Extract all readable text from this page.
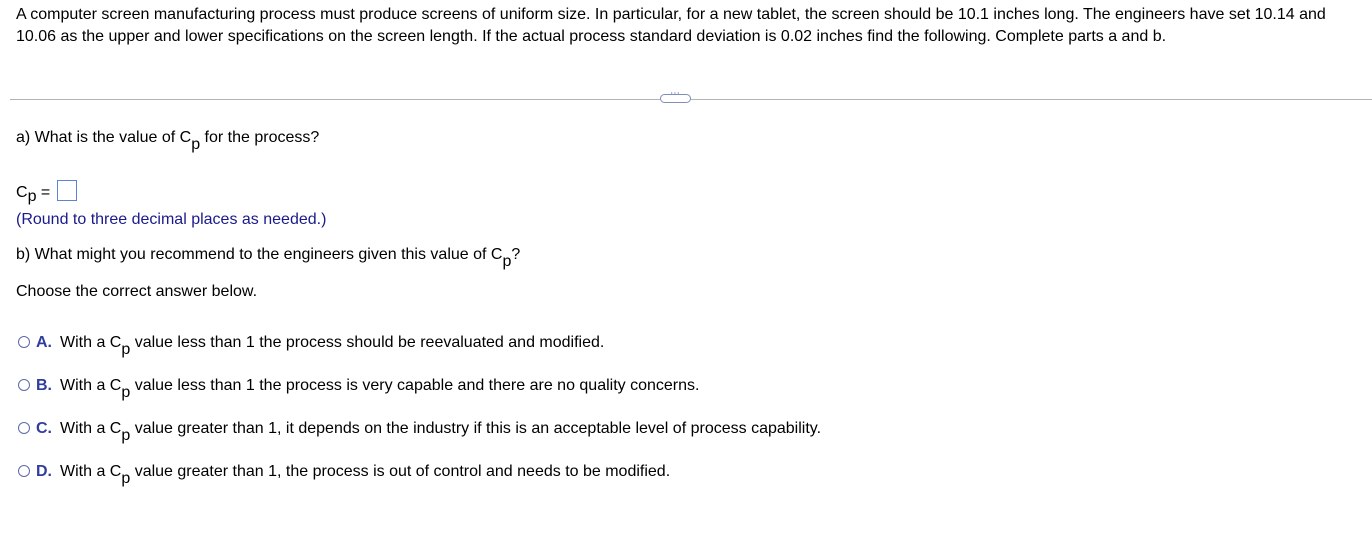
A computer screen manufacturing process must produce screens of uniform size. In particular, for a new tablet, the screen should be 10.1 inches long. The engineers have set 10.14 and 10.06 as the upper and lower specifications on the screen length. If the actual process standard deviation is 0.02 inches find the following. Complete parts a and b.
⋯
a) What is the value of Cp for the process?
Cp =
(Round to three decimal places as needed.)
b) What might you recommend to the engineers given this value of Cp?
Choose the correct answer below.
A. With a Cp value less than 1 the process should be reevaluated and modified.
B. With a Cp value less than 1 the process is very capable and there are no quality concerns.
C. With a Cp value greater than 1, it depends on the industry if this is an acceptable level of process capability.
D. With a Cp value greater than 1, the process is out of control and needs to be modified.
